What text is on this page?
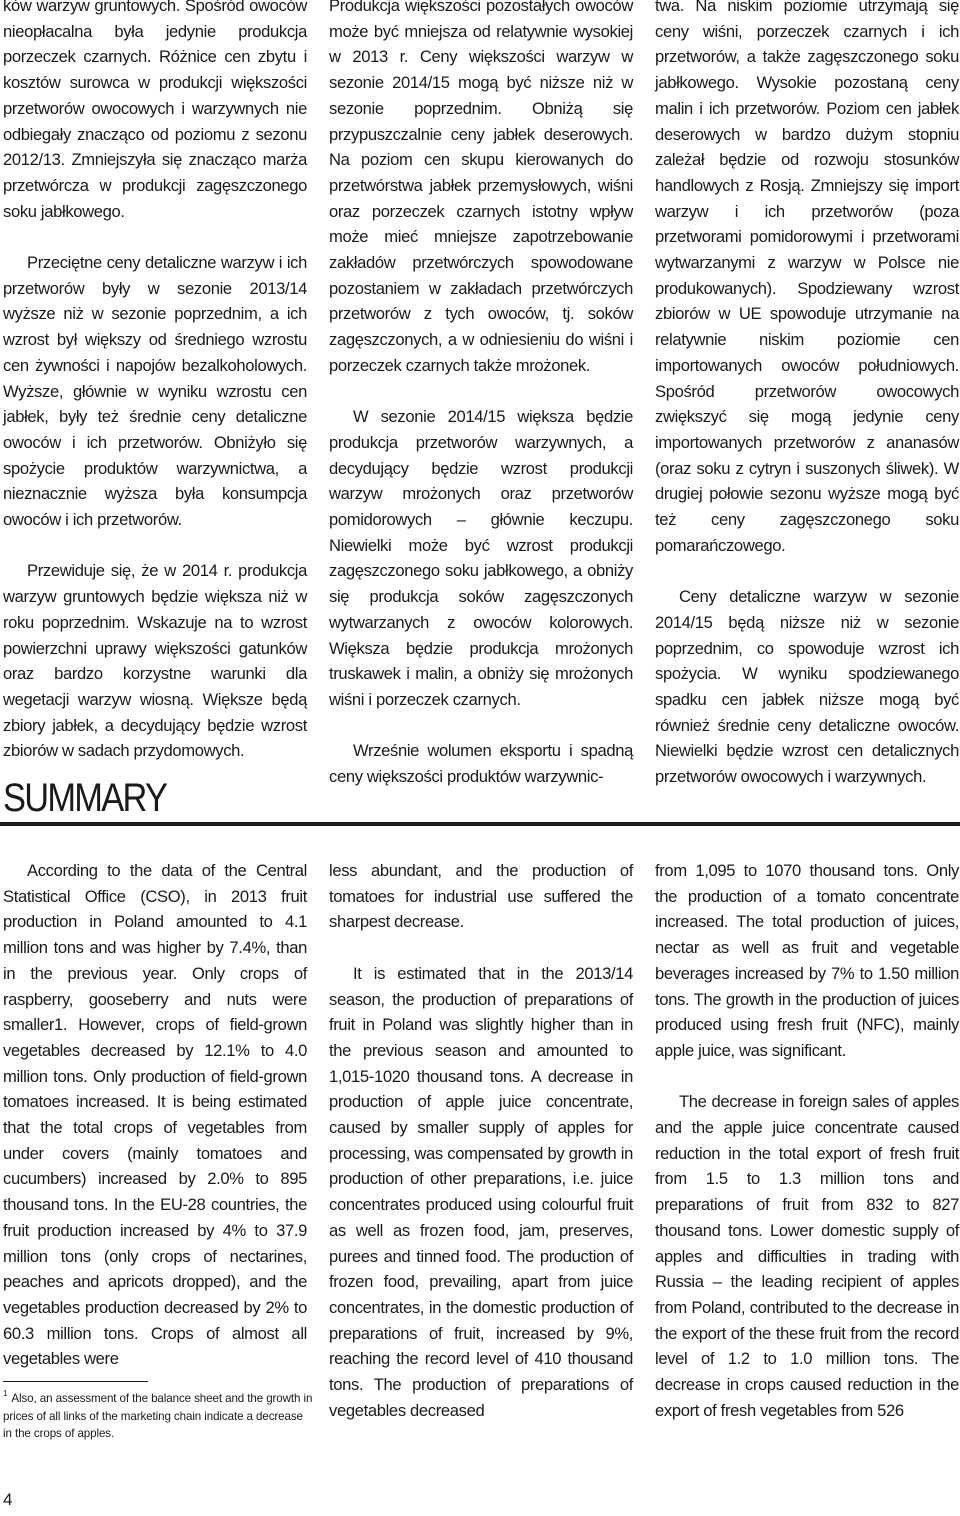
ków warzyw gruntowych. Spośród owoców nieopłacalna była jedynie produkcja porzeczek czarnych. Różnice cen zbytu i kosztów surowca w produkcji większości przetworów owocowych i warzywnych nie odbiegały znacząco od poziomu z sezonu 2012/13. Zmniejszyła się znacząco marża przetwórcza w produkcji zagęszczonego soku jabłkowego.

Przeciętne ceny detaliczne warzyw i ich przetworów były w sezonie 2013/14 wyższe niż w sezonie poprzednim, a ich wzrost był większy od średniego wzrostu cen żywności i napojów bezalkoholowych. Wyższe, głównie w wyniku wzrostu cen jabłek, były też średnie ceny detaliczne owoców i ich przetworów. Obniżyło się spożycie produktów warzywnictwa, a nieznacznie wyższa była konsumpcja owoców i ich przetworów.

Przewiduje się, że w 2014 r. produkcja warzyw gruntowych będzie większa niż w roku poprzednim. Wskazuje na to wzrost powierzchni uprawy większości gatunków oraz bardzo korzystne warunki dla wegetacji warzyw wiosną. Większe będą zbiory jabłek, a decydujący będzie wzrost zbiorów w sadach przydomowych.

Produkcja większości pozostałych owoców może być mniejsza od relatywnie wysokiej w 2013 r. Ceny większości warzyw w sezonie 2014/15 mogą być niższe niż w sezonie poprzednim. Obniżą się przypuszczalnie ceny jabłek deserowych. Na poziom cen skupu kierowanych do przetwórstwa jabłek przemysłowych, wiśni oraz porzeczek czarnych istotny wpływ może mieć mniejsze zapotrzebowanie zakładów przetwórczych spowodowane pozostaniem w zakładach przetwórczych przetworów z tych owoców, tj. soków zagęszczonych, a w odniesieniu do wiśni i porzeczek czarnych także mrożonek.

W sezonie 2014/15 większa będzie produkcja przetworów warzywnych, a decydujący będzie wzrost produkcji warzyw mrożonych oraz przetworów pomidorowych – głównie keczupu. Niewielki może być wzrost produkcji zagęszczonego soku jabłkowego, a obniży się produkcja soków zagęszczonych wytwarzanych z owoców kolorowych. Większa będzie produkcja mrożonych truskawek i malin, a obniży się mrożonych wiśni i porzeczek czarnych.

Wrześnie wolumen eksportu i spadną ceny większości produktów warzywnic-

twa. Na niskim poziomie utrzymają się ceny wiśni, porzeczek czarnych i ich przetworów, a także zagęszczonego soku jabłkowego. Wysokie pozostaną ceny malin i ich przetworów. Poziom cen jabłek deserowych w bardzo dużym stopniu zależał będzie od rozwoju stosunków handlowych z Rosją. Zmniejszy się import warzyw i ich przetworów (poza przetworami pomidorowymi i przetworami wytwarzanymi z warzyw w Polsce nie produkowanych). Spodziewany wzrost zbiorów w UE spowoduje utrzymanie na relatywnie niskim poziomie cen importowanych owoców południowych. Spośród przetworów owocowych zwiększyć się mogą jedynie ceny importowanych przetworów z ananasów (oraz soku z cytryn i suszonych śliwek). W drugiej połowie sezonu wyższe mogą być też ceny zagęszczonego soku pomarańczowego.

Ceny detaliczne warzyw w sezonie 2014/15 będą niższe niż w sezonie poprzednim, co spowoduje wzrost ich spożycia. W wyniku spodziewanego spadku cen jabłek niższe mogą być również średnie ceny detaliczne owoców. Niewielki będzie wzrost cen detalicznych przetworów owocowych i warzywnych.

SUMMARY

According to the data of the Central Statistical Office (CSO), in 2013 fruit production in Poland amounted to 4.1 million tons and was higher by 7.4%, than in the previous year. Only crops of raspberry, gooseberry and nuts were smaller1. However, crops of field-grown vegetables decreased by 12.1% to 4.0 million tons. Only production of field-grown tomatoes increased. It is being estimated that the total crops of vegetables from under covers (mainly tomatoes and cucumbers) increased by 2.0% to 895 thousand tons. In the EU-28 countries, the fruit production increased by 4% to 37.9 million tons (only crops of nectarines, peaches and apricots dropped), and the vegetables production decreased by 2% to 60.3 million tons. Crops of almost all vegetables were

less abundant, and the production of tomatoes for industrial use suffered the sharpest decrease.

It is estimated that in the 2013/14 season, the production of preparations of fruit in Poland was slightly higher than in the previous season and amounted to 1,015-1020 thousand tons. A decrease in production of apple juice concentrate, caused by smaller supply of apples for processing, was compensated by growth in production of other preparations, i.e. juice concentrates produced using colourful fruit as well as frozen food, jam, preserves, purees and tinned food. The production of frozen food, prevailing, apart from juice concentrates, in the domestic production of preparations of fruit, increased by 9%, reaching the record level of 410 thousand tons. The production of preparations of vegetables decreased

from 1,095 to 1070 thousand tons. Only the production of a tomato concentrate increased. The total production of juices, nectar as well as fruit and vegetable beverages increased by 7% to 1.50 million tons. The growth in the production of juices produced using fresh fruit (NFC), mainly apple juice, was significant.

The decrease in foreign sales of apples and the apple juice concentrate caused reduction in the total export of fresh fruit from 1.5 to 1.3 million tons and preparations of fruit from 832 to 827 thousand tons. Lower domestic supply of apples and difficulties in trading with Russia – the leading recipient of apples from Poland, contributed to the decrease in the export of the these fruit from the record level of 1.2 to 1.0 million tons. The decrease in crops caused reduction in the export of fresh vegetables from 526

$^1$ Also, an assessment of the balance sheet and the growth in prices of all links of the marketing chain indicate a decrease in the crops of apples.

4
